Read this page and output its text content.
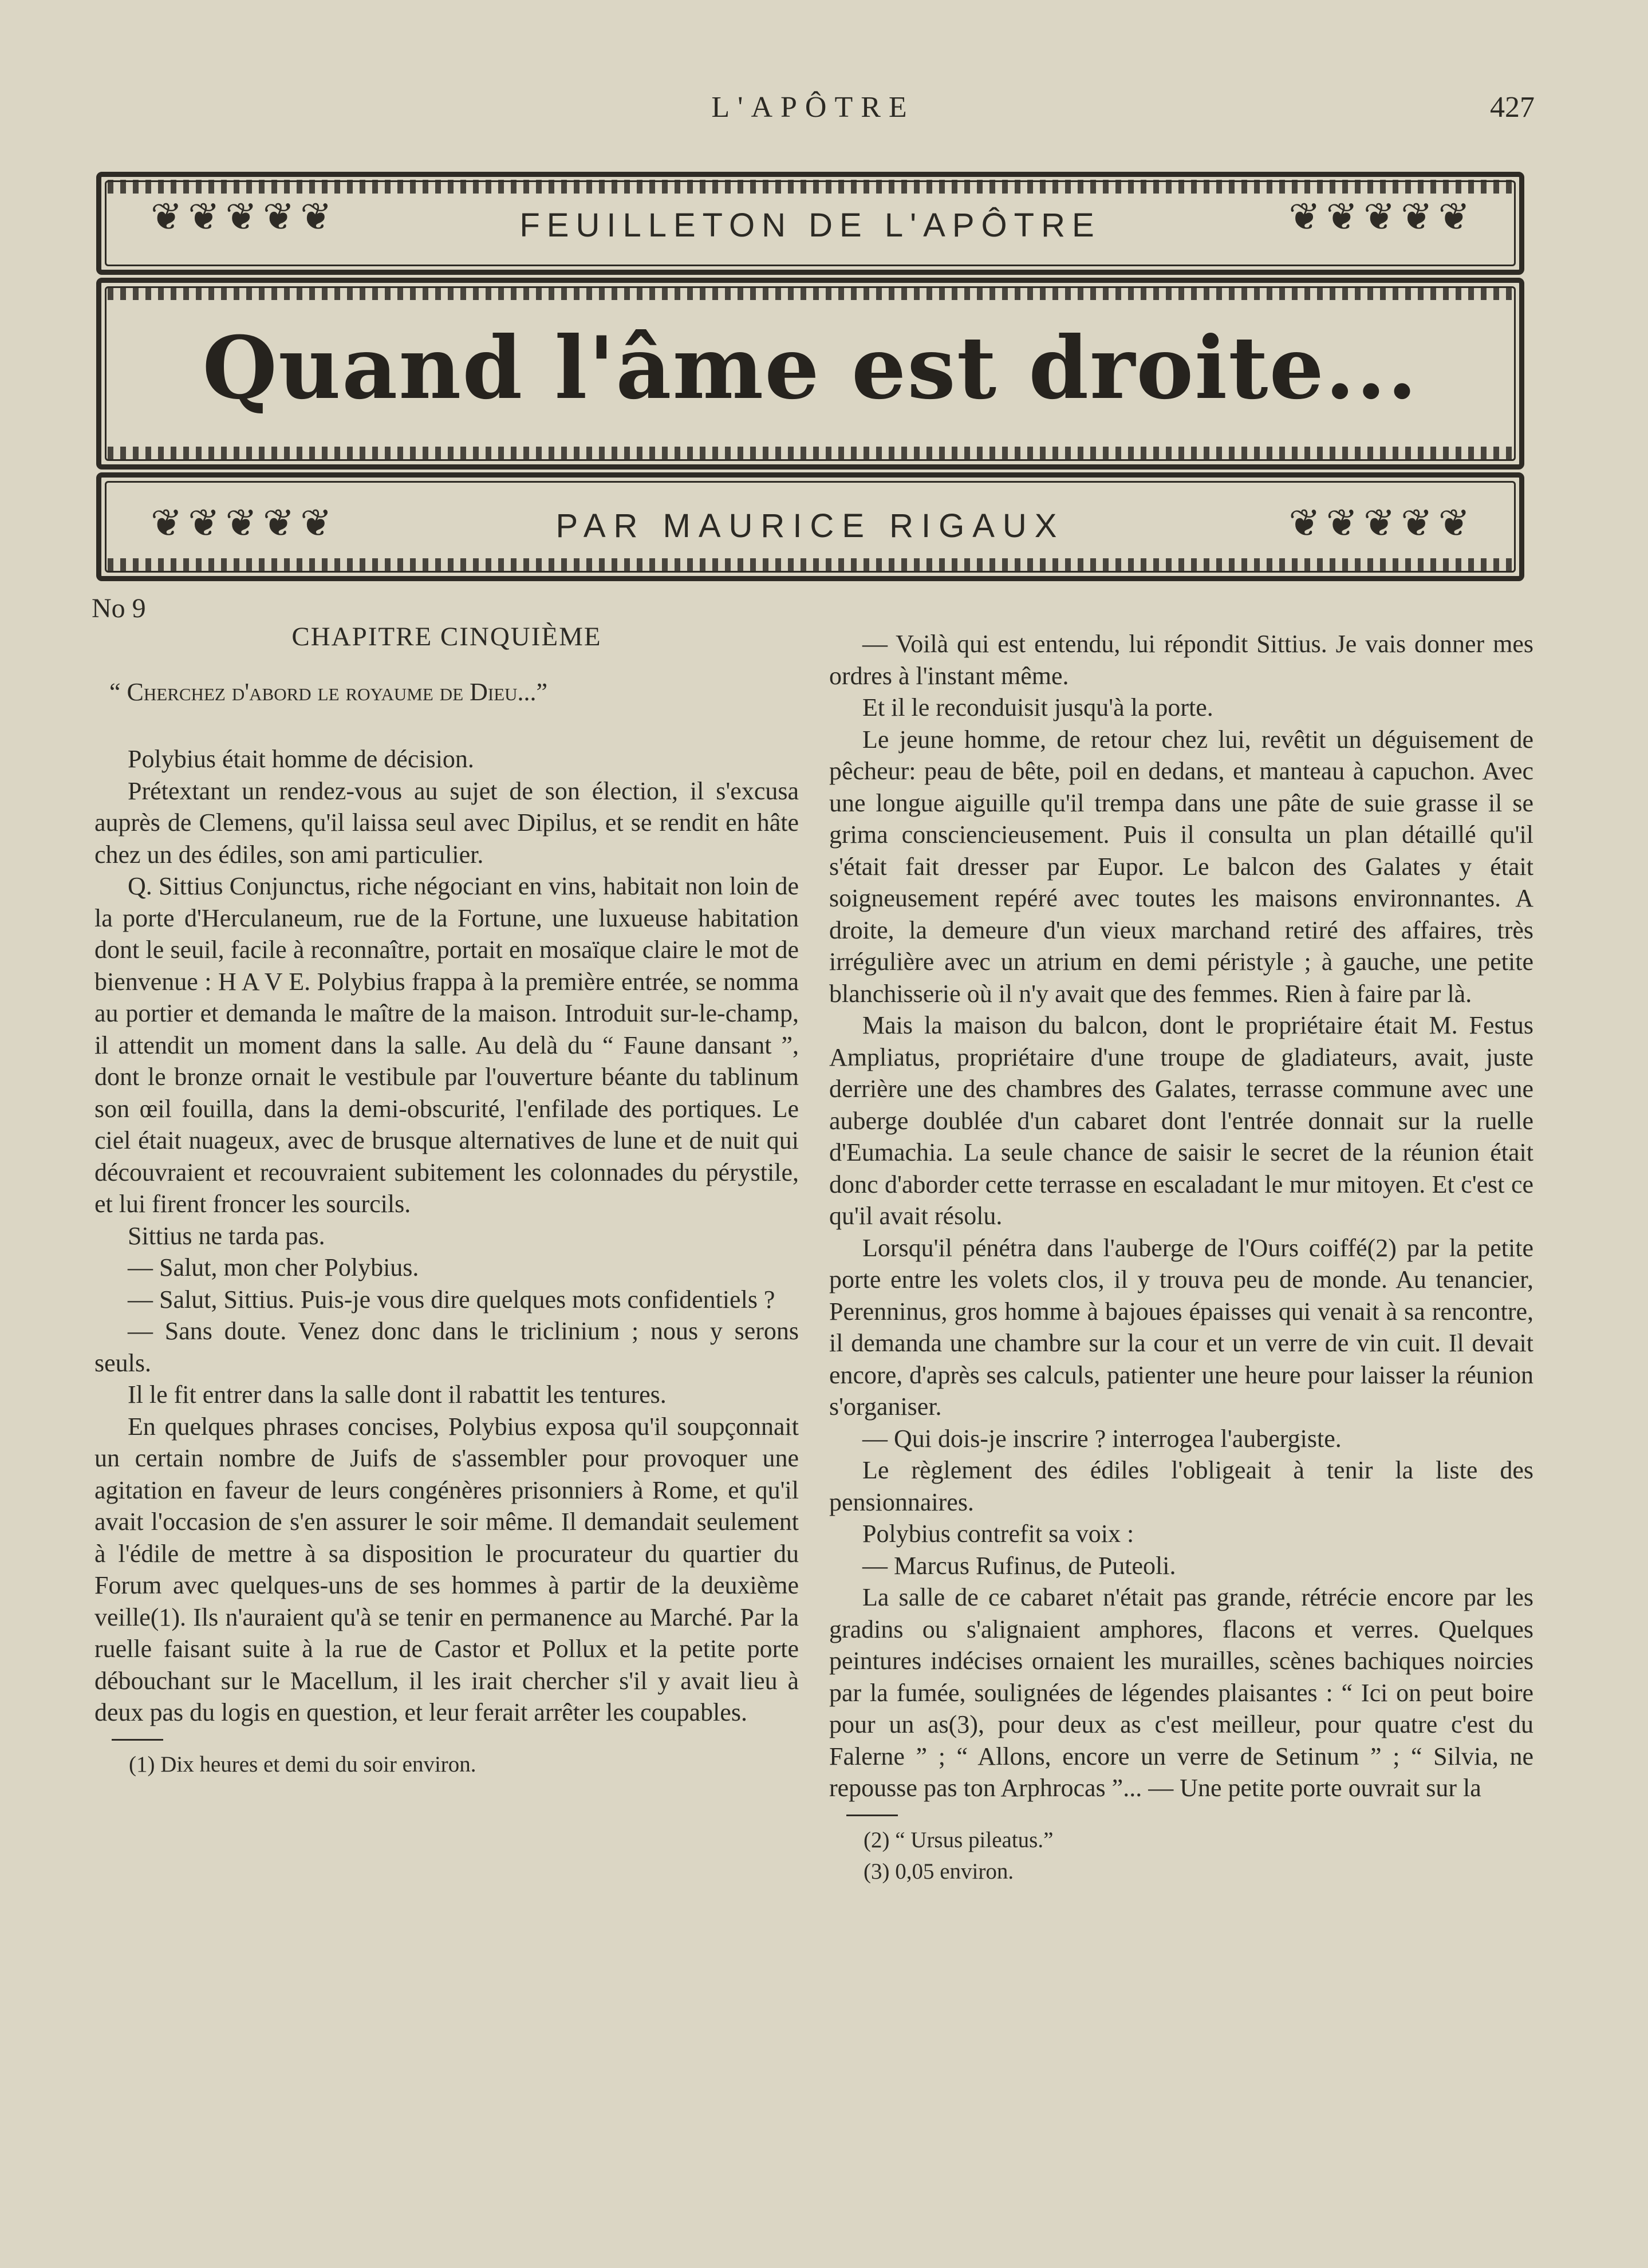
L'APÔTRE	427
❦ ❦ ❦ ❦ ❦	❦ ❦ ❦ ❦ ❦
❦ ❦ ❦ ❦ ❦	❦ ❦ ❦ ❦ ❦
FEUILLETON DE L'APÔTRE
Quand l'âme est droite...
PAR MAURICE RIGAUX
No 9

CHAPITRE CINQUIÈME

“ Cherchez d'abord le royaume de Dieu...”

Polybius était homme de décision.

Prétextant un rendez-vous au sujet de son élection, il s'excusa auprès de Clemens, qu'il laissa seul avec Dipilus, et se rendit en hâte chez un des édiles, son ami particulier.

Q. Sittius Conjunctus, riche négociant en vins, habitait non loin de la porte d'Herculaneum, rue de la Fortune, une luxueuse habitation dont le seuil, facile à reconnaître, portait en mosaïque claire le mot de bienvenue : H A V E. Polybius frappa à la première entrée, se nomma au portier et demanda le maître de la maison. Introduit sur-le-champ, il attendit un moment dans la salle. Au delà du “ Faune dansant ”, dont le bronze ornait le vestibule par l'ouverture béante du tablinum son œil fouilla, dans la demi-obscurité, l'enfilade des portiques. Le ciel était nuageux, avec de brusque alternatives de lune et de nuit qui découvraient et recouvraient subitement les colonnades du pérystile, et lui firent froncer les sourcils.

Sittius ne tarda pas.

— Salut, mon cher Polybius.

— Salut, Sittius. Puis-je vous dire quelques mots confidentiels ?

— Sans doute. Venez donc dans le triclinium ; nous y serons seuls.

Il le fit entrer dans la salle dont il rabattit les tentures.

En quelques phrases concises, Polybius exposa qu'il soupçonnait un certain nombre de Juifs de s'assembler pour provoquer une agitation en faveur de leurs congénères prisonniers à Rome, et qu'il avait l'occasion de s'en assurer le soir même. Il demandait seulement à l'édile de mettre à sa disposition le procurateur du quartier du Forum avec quelques-uns de ses hommes à partir de la deuxième veille(1). Ils n'auraient qu'à se tenir en permanence au Marché. Par la ruelle faisant suite à la rue de Castor et Pollux et la petite porte débouchant sur le Macellum, il les irait chercher s'il y avait lieu à deux pas du logis en question, et leur ferait arrêter les coupables.

(1) Dix heures et demi du soir environ.

— Voilà qui est entendu, lui répondit Sittius. Je vais donner mes ordres à l'instant même.

Et il le reconduisit jusqu'à la porte.

Le jeune homme, de retour chez lui, revêtit un déguisement de pêcheur: peau de bête, poil en dedans, et manteau à capuchon. Avec une longue aiguille qu'il trempa dans une pâte de suie grasse il se grima consciencieusement. Puis il consulta un plan détaillé qu'il s'était fait dresser par Eupor. Le balcon des Galates y était soigneusement repéré avec toutes les maisons environnantes. A droite, la demeure d'un vieux marchand retiré des affaires, très irrégulière avec un atrium en demi péristyle ; à gauche, une petite blanchisserie où il n'y avait que des femmes. Rien à faire par là.

Mais la maison du balcon, dont le propriétaire était M. Festus Ampliatus, propriétaire d'une troupe de gladiateurs, avait, juste derrière une des chambres des Galates, terrasse commune avec une auberge doublée d'un cabaret dont l'entrée donnait sur la ruelle d'Eumachia. La seule chance de saisir le secret de la réunion était donc d'aborder cette terrasse en escaladant le mur mitoyen. Et c'est ce qu'il avait résolu.

Lorsqu'il pénétra dans l'auberge de l'Ours coiffé(2) par la petite porte entre les volets clos, il y trouva peu de monde. Au tenancier, Perenninus, gros homme à bajoues épaisses qui venait à sa rencontre, il demanda une chambre sur la cour et un verre de vin cuit. Il devait encore, d'après ses calculs, patienter une heure pour laisser la réunion s'organiser.

— Qui dois-je inscrire ? interrogea l'aubergiste.

Le règlement des édiles l'obligeait à tenir la liste des pensionnaires.

Polybius contrefit sa voix :

— Marcus Rufinus, de Puteoli.

La salle de ce cabaret n'était pas grande, rétrécie encore par les gradins ou s'alignaient amphores, flacons et verres. Quelques peintures indécises ornaient les murailles, scènes bachiques noircies par la fumée, soulignées de légendes plaisantes : “ Ici on peut boire pour un as(3), pour deux as c'est meilleur, pour quatre c'est du Falerne ” ; “ Allons, encore un verre de Setinum ” ; “ Silvia, ne repousse pas ton Arphrocas ”... — Une petite porte ouvrait sur la

(2) “ Ursus pileatus.”

(3) 0,05 environ.
